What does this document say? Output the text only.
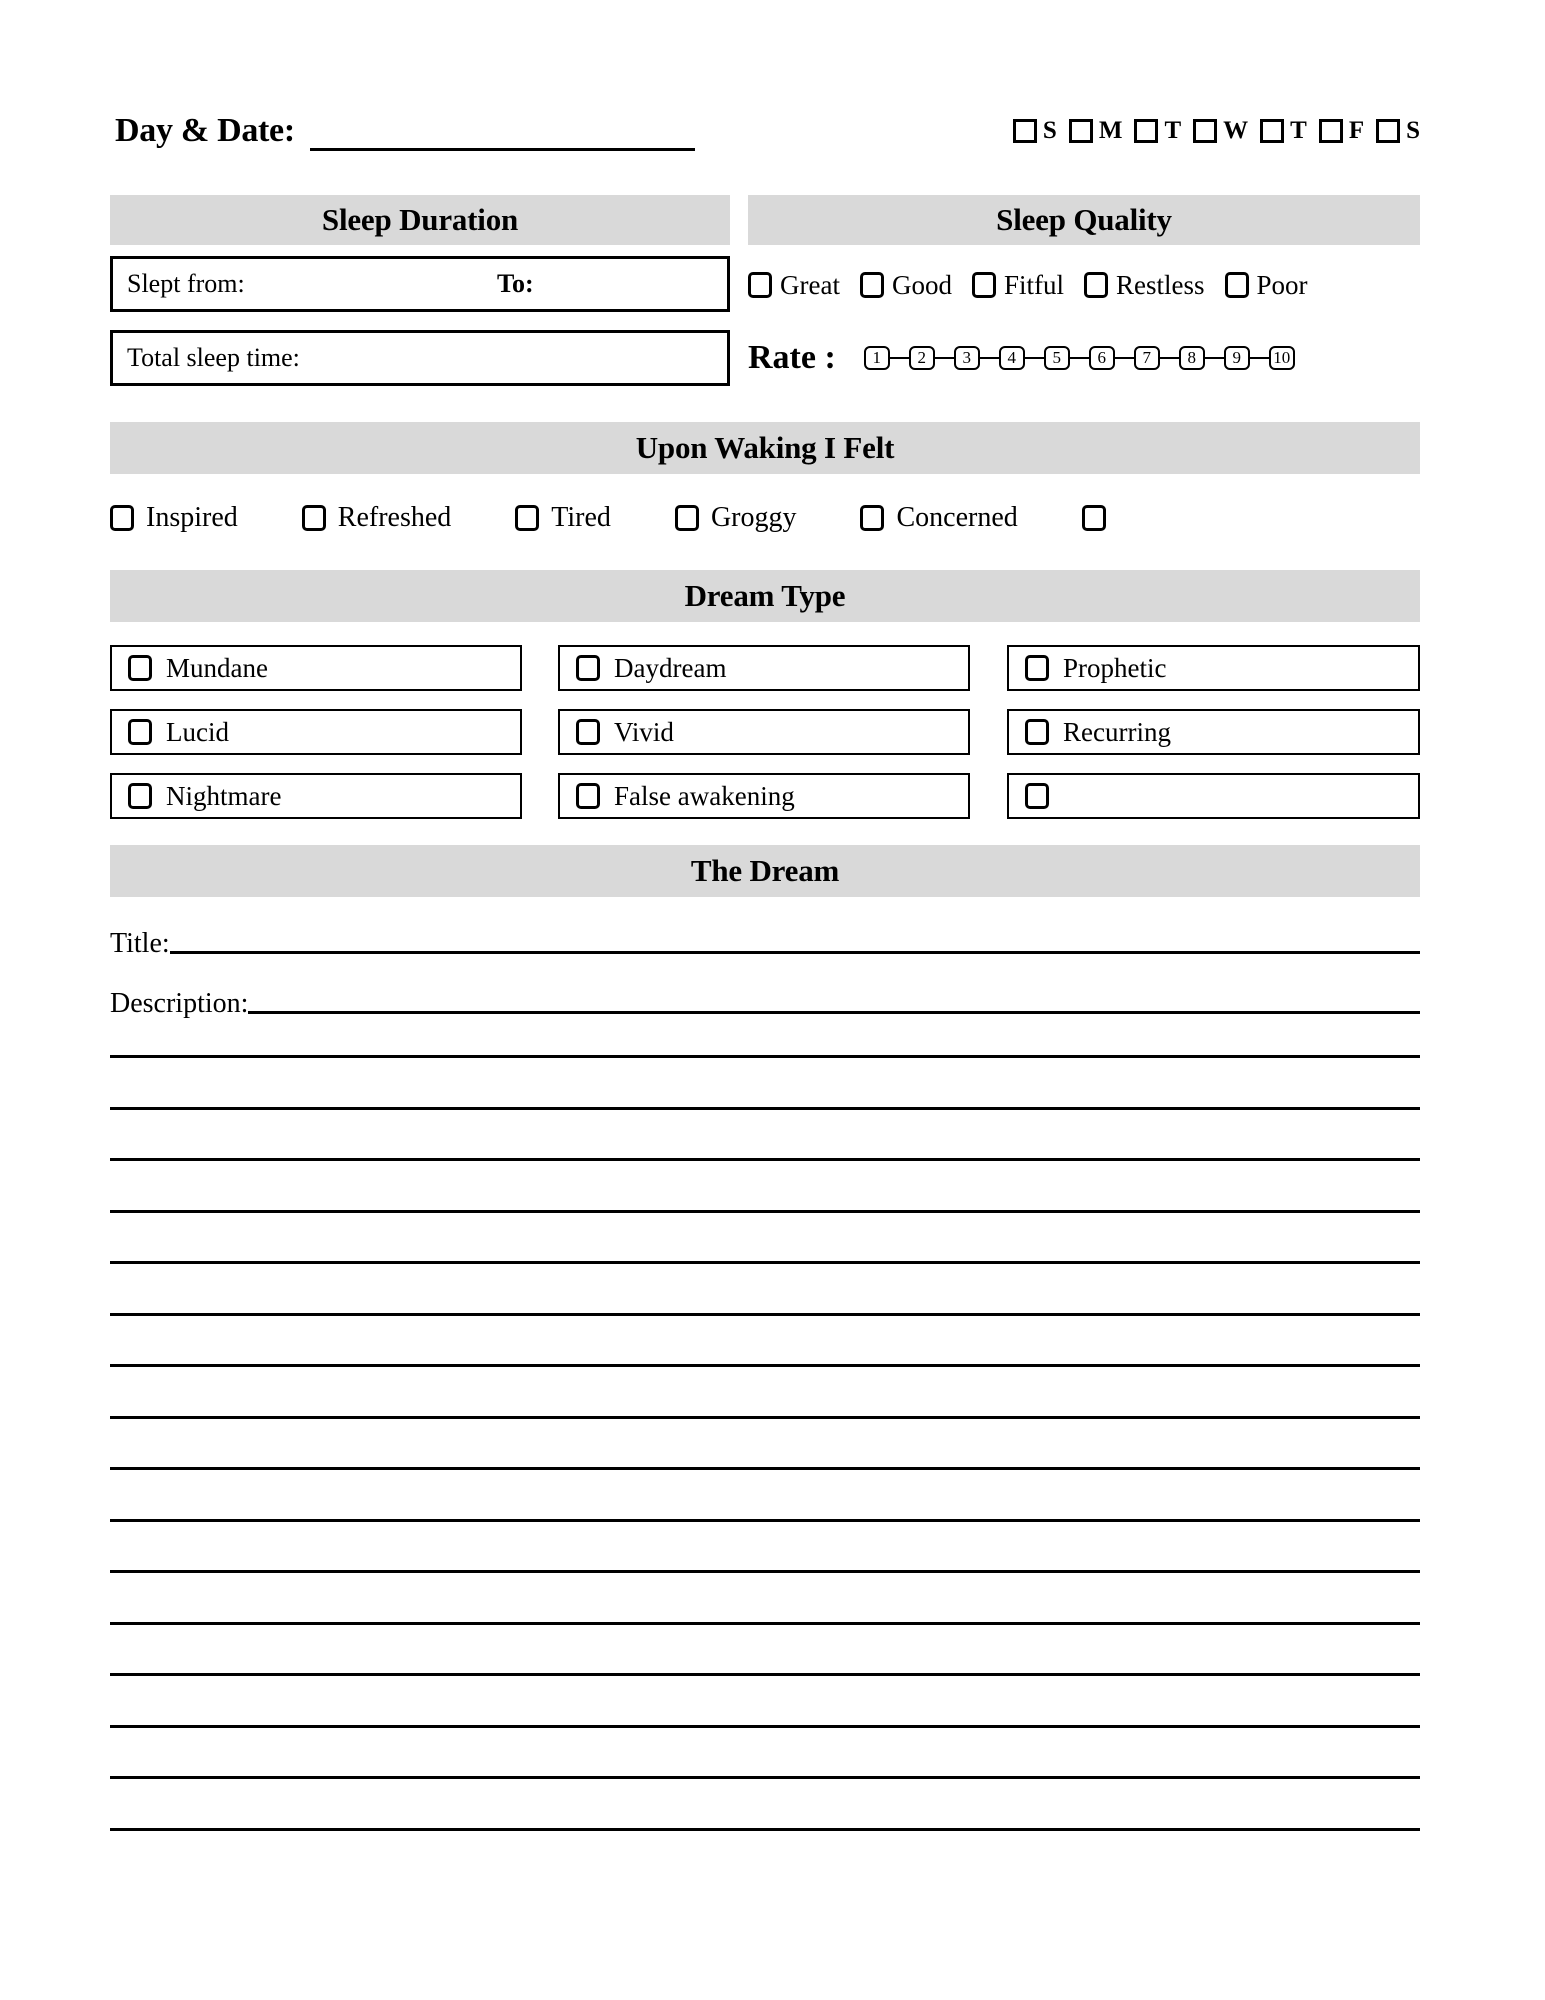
Day & Date:	S M T W T F S
Sleep Duration
Slept from:	To:
Total sleep time:
Sleep Quality
Great Good Fitful Restless Poor
Rate :	1	2	3	4	5	6	7	8	9	10
Upon Waking I Felt
Inspired	Refreshed	Tired	Groggy	Concerned
Dream Type
Mundane	Daydream	Prophetic
Lucid	Vivid	Recurring
Nightmare	False awakening
The Dream
Title:
Description:
